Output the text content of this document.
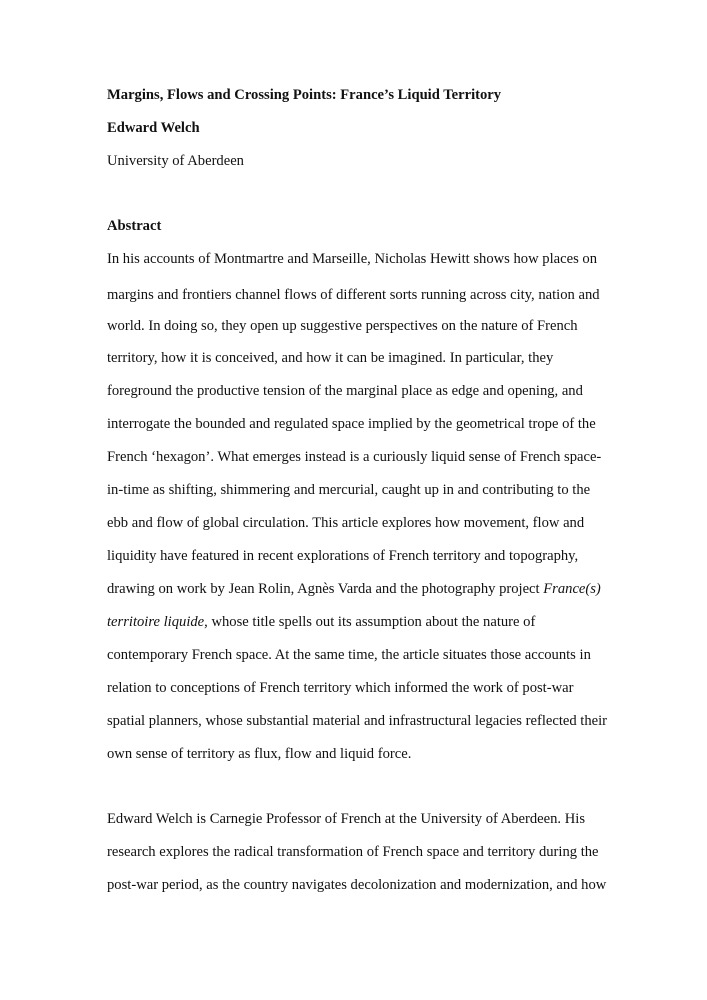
Margins, Flows and Crossing Points: France’s Liquid Territory
Edward Welch
University of Aberdeen
Abstract
In his accounts of Montmartre and Marseille, Nicholas Hewitt shows how places on
margins and frontiers channel flows of different sorts running across city, nation and
world. In doing so, they open up suggestive perspectives on the nature of French
territory, how it is conceived, and how it can be imagined. In particular, they
foreground the productive tension of the marginal place as edge and opening, and
interrogate the bounded and regulated space implied by the geometrical trope of the
French ‘hexagon’. What emerges instead is a curiously liquid sense of French space-
in-time as shifting, shimmering and mercurial, caught up in and contributing to the
ebb and flow of global circulation. This article explores how movement, flow and
liquidity have featured in recent explorations of French territory and topography,
drawing on work by Jean Rolin, Agnès Varda and the photography project France(s)
territoire liquide, whose title spells out its assumption about the nature of
contemporary French space. At the same time, the article situates those accounts in
relation to conceptions of French territory which informed the work of post-war
spatial planners, whose substantial material and infrastructural legacies reflected their
own sense of territory as flux, flow and liquid force.
Edward Welch is Carnegie Professor of French at the University of Aberdeen. His
research explores the radical transformation of French space and territory during the
post-war period, as the country navigates decolonization and modernization, and how
